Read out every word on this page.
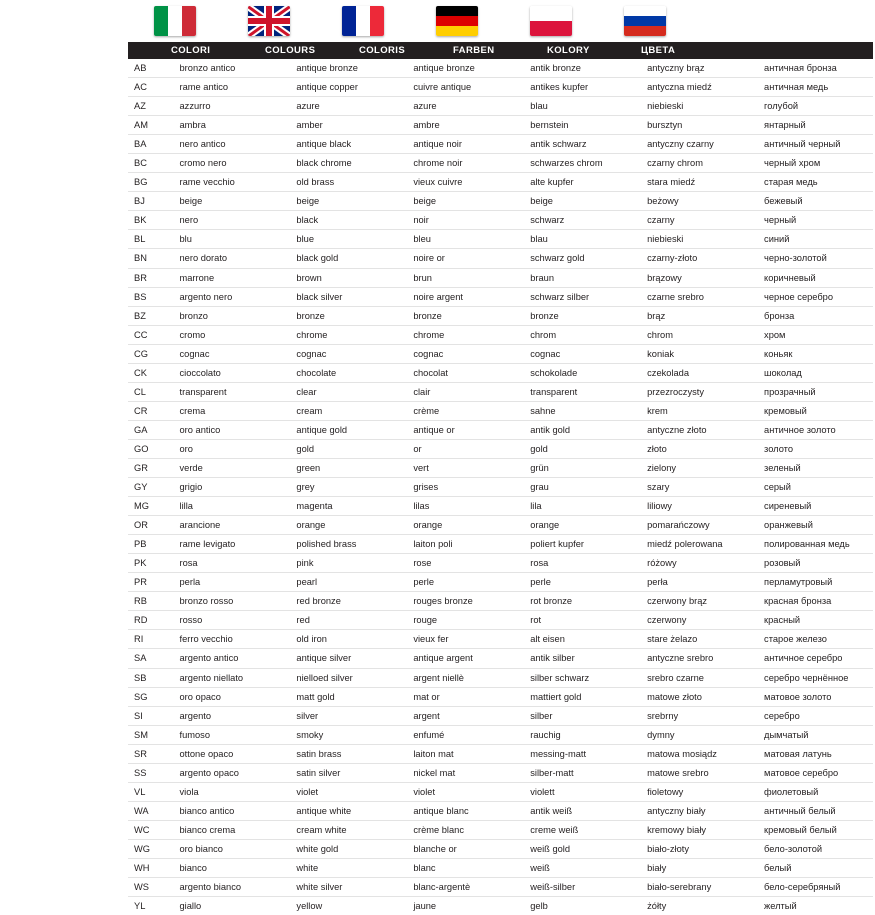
COLORI	COLOURS	COLORIS	FARBEN	KOLORY	ЦВЕТА
AB	bronzo antico	antique bronze	antique bronze	antik bronze	antyczny brąz	античная бронза
AC	rame antico	antique copper	cuivre antique	antikes kupfer	antyczna miedź	античная медь
AZ	azzurro	azure	azure	blau	niebieski	голубой
AM	ambra	amber	ambre	bernstein	bursztyn	янтарный
BA	nero antico	antique black	antique noir	antik schwarz	antyczny czarny	античный черный
BC	cromo nero	black chrome	chrome noir	schwarzes chrom	czarny chrom	черный хром
BG	rame vecchio	old brass	vieux cuivre	alte kupfer	stara miedź	старая медь
BJ	beige	beige	beige	beige	beżowy	бежевый
BK	nero	black	noir	schwarz	czarny	черный
BL	blu	blue	bleu	blau	niebieski	синий
BN	nero dorato	black gold	noire or	schwarz gold	czarny-złoto	черно-золотой
BR	marrone	brown	brun	braun	brązowy	коричневый
BS	argento nero	black silver	noire argent	schwarz silber	czarne srebro	черное серебро
BZ	bronzo	bronze	bronze	bronze	brąz	бронза
CC	cromo	chrome	chrome	chrom	chrom	хром
CG	cognac	cognac	cognac	cognac	koniak	коньяк
CK	cioccolato	chocolate	chocolat	schokolade	czekolada	шоколад
CL	transparent	clear	clair	transparent	przezroczysty	прозрачный
CR	crema	cream	crème	sahne	krem	кремовый
GA	oro antico	antique gold	antique or	antik gold	antyczne złoto	античное золото
GO	oro	gold	or	gold	złoto	золото
GR	verde	green	vert	grün	zielony	зеленый
GY	grigio	grey	grises	grau	szary	серый
MG	lilla	magenta	lilas	lila	liliowy	сиреневый
OR	arancione	orange	orange	orange	pomarańczowy	оранжевый
PB	rame levigato	polished brass	laiton poli	poliert kupfer	miedź polerowana	полированная медь
PK	rosa	pink	rose	rosa	różowy	розовый
PR	perla	pearl	perle	perle	perła	перламутровый
RB	bronzo rosso	red bronze	rouges bronze	rot bronze	czerwony brąz	красная бронза
RD	rosso	red	rouge	rot	czerwony	красный
RI	ferro vecchio	old iron	vieux fer	alt eisen	stare żelazo	старое железо
SA	argento antico	antique silver	antique argent	antik silber	antyczne srebro	античное серебро
SB	argento niellato	nielloed silver	argent niellè	silber schwarz	srebro czarne	серебро чернённое
SG	oro opaco	matt gold	mat or	mattiert gold	matowe złoto	матовое золото
SI	argento	silver	argent	silber	srebrny	серебро
SM	fumoso	smoky	enfumé	rauchig	dymny	дымчатый
SR	ottone opaco	satin brass	laiton mat	messing-matt	matowa mosiądz	матовая латунь
SS	argento opaco	satin silver	nickel mat	silber-matt	matowe srebro	матовое серебро
VL	viola	violet	violet	violett	fioletowy	фиолетовый
WA	bianco antico	antique white	antique blanc	antik weiß	antyczny biały	античный белый
WC	bianco crema	cream white	crème blanc	creme weiß	kremowy biały	кремовый белый
WG	oro bianco	white gold	blanche or	weiß gold	biało-złoty	бело-золотой
WH	bianco	white	blanc	weiß	biały	белый
WS	argento bianco	white silver	blanc-argentè	weiß-silber	biało-serebrany	бело-серебряный
YL	giallo	yellow	jaune	gelb	żółty	желтый
